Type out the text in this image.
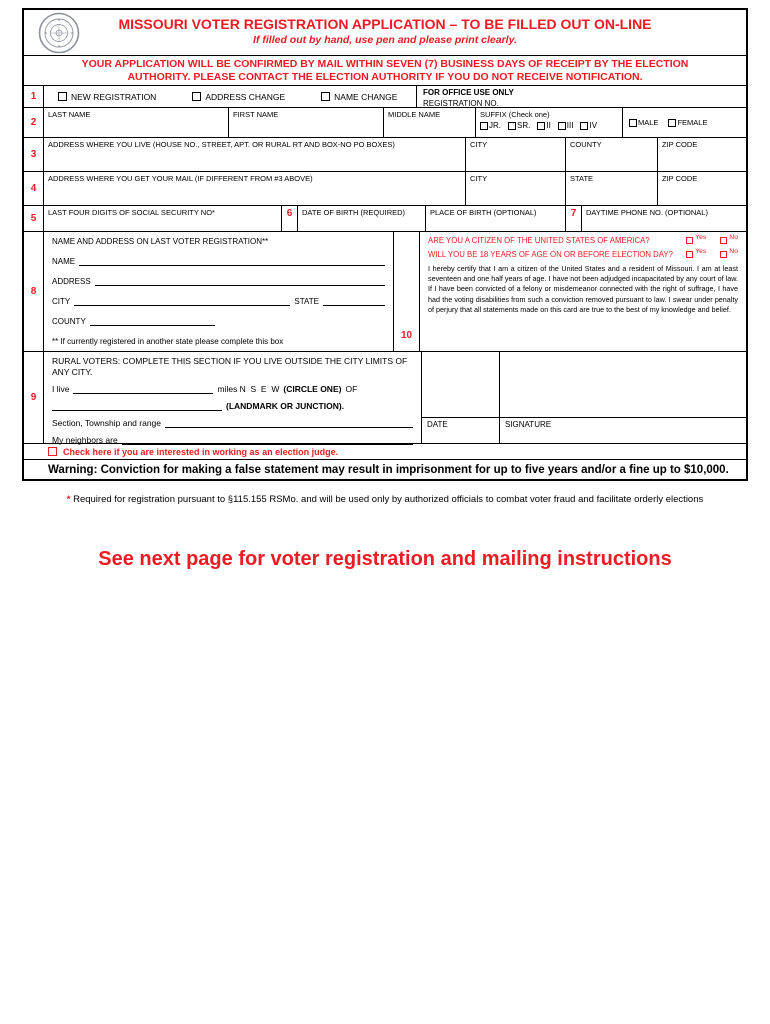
MISSOURI VOTER REGISTRATION APPLICATION – TO BE FILLED OUT ON-LINE
If filled out by hand, use pen and please print clearly.
YOUR APPLICATION WILL BE CONFIRMED BY MAIL WITHIN SEVEN (7) BUSINESS DAYS OF RECEIPT BY THE ELECTION AUTHORITY. PLEASE CONTACT THE ELECTION AUTHORITY IF YOU DO NOT RECEIVE NOTIFICATION.
1	NEW REGISTRATION	ADDRESS CHANGE	NAME CHANGE	FOR OFFICE USE ONLY
REGISTRATION NO.
2
LAST NAME	FIRST NAME	MIDDLE NAME	SUFFIX (Check one)
JR. SR. II III IV	MALE	FEMALE
3
ADDRESS WHERE YOU LIVE (HOUSE NO., STREET, APT. OR RURAL RT AND BOX-NO PO BOXES)	CITY	COUNTY	ZIP CODE
4
ADDRESS WHERE YOU GET YOUR MAIL (IF DIFFERENT FROM #3 ABOVE)	CITY	STATE	ZIP CODE
5
LAST FOUR DIGITS OF SOCIAL SECURITY NO*	6	DATE OF BIRTH (REQUIRED)	PLACE OF BIRTH (OPTIONAL)	7	DAYTIME PHONE NO. (OPTIONAL)
8
NAME AND ADDRESS ON LAST VOTER REGISTRATION**
NAME
ADDRESS
CITY	STATE
COUNTY
** If currently registered in another state please complete this box
10
ARE YOU A CITIZEN OF THE UNITED STATES OF AMERICA?	Yes	No
WILL YOU BE 18 YEARS OF AGE ON OR BEFORE ELECTION DAY?	Yes	No
I hereby certify that I am a citizen of the United States and a resident of Missouri. I am at least seventeen and one half years of age. I have not been adjudged incapacitated by any court of law. If I have been convicted of a felony or misdemeanor connected with the right of suffrage, I have had the voting disabilities from such a conviction removed pursuant to law. I swear under penalty of perjury that all statements made on this card are true to the best of my knowledge and belief.
9
RURAL VOTERS: COMPLETE THIS SECTION IF YOU LIVE OUTSIDE THE CITY LIMITS OF ANY CITY.
I live	miles N  S  E  W (CIRCLE ONE) OF
(LANDMARK OR JUNCTION).
Section, Township and range
My neighbors are
DATE	SIGNATURE
Check here if you are interested in working as an election judge.
Warning: Conviction for making a false statement may result in imprisonment for up to five years and/or a fine up to $10,000.
* Required for registration pursuant to §115.155 RSMo. and will be used only by authorized officials to combat voter fraud and facilitate orderly elections
See next page for voter registration and mailing instructions
